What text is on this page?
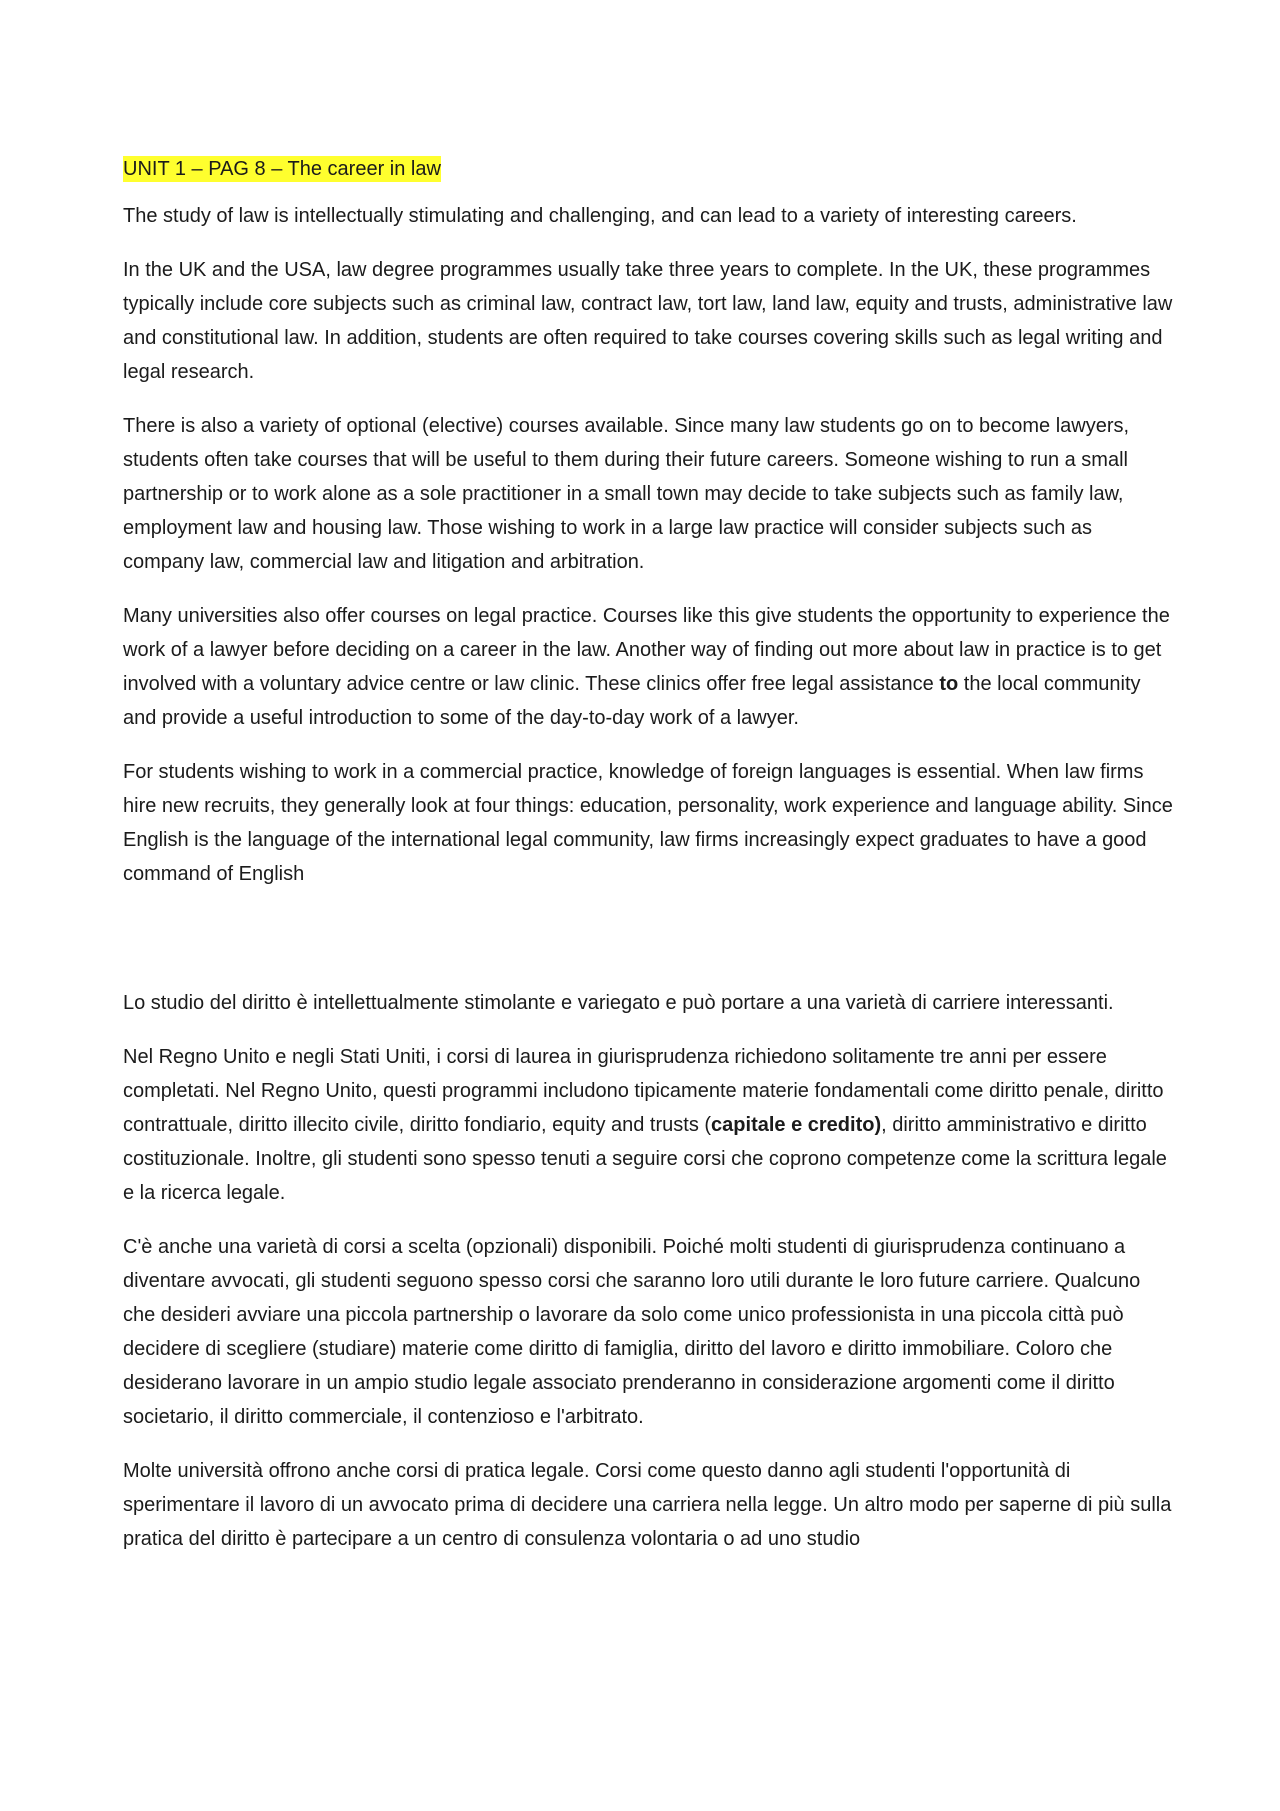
UNIT 1 – PAG 8 – The career in law

The study of law is intellectually stimulating and challenging, and can lead to a variety of interesting careers.

In the UK and the USA, law degree programmes usually take three years to complete. In the UK, these programmes typically include core subjects such as criminal law, contract law, tort law, land law, equity and trusts, administrative law and constitutional law. In addition, students are often required to take courses covering skills such as legal writing and legal research.

There is also a variety of optional (elective) courses available. Since many law students go on to become lawyers, students often take courses that will be useful to them during their future careers. Someone wishing to run a small partnership or to work alone as a sole practitioner in a small town may decide to take subjects such as family law, employment law and housing law. Those wishing to work in a large law practice will consider subjects such as company law, commercial law and litigation and arbitration.

Many universities also offer courses on legal practice. Courses like this give students the opportunity to experience the work of a lawyer before deciding on a career in the law. Another way of finding out more about law in practice is to get involved with a voluntary advice centre or law clinic. These clinics offer free legal assistance to the local community and provide a useful introduction to some of the day-to-day work of a lawyer.

For students wishing to work in a commercial practice, knowledge of foreign languages is essential. When law firms hire new recruits, they generally look at four things: education, personality, work experience and language ability. Since English is the language of the international legal community, law firms increasingly expect graduates to have a good command of English

Lo studio del diritto è intellettualmente stimolante e variegato e può portare a una varietà di carriere interessanti.

Nel Regno Unito e negli Stati Uniti, i corsi di laurea in giurisprudenza richiedono solitamente tre anni per essere completati. Nel Regno Unito, questi programmi includono tipicamente materie fondamentali come diritto penale, diritto contrattuale, diritto illecito civile, diritto fondiario, equity and trusts (capitale e credito), diritto amministrativo e diritto costituzionale. Inoltre, gli studenti sono spesso tenuti a seguire corsi che coprono competenze come la scrittura legale e la ricerca legale.

C'è anche una varietà di corsi a scelta (opzionali) disponibili. Poiché molti studenti di giurisprudenza continuano a diventare avvocati, gli studenti seguono spesso corsi che saranno loro utili durante le loro future carriere. Qualcuno che desideri avviare una piccola partnership o lavorare da solo come unico professionista in una piccola città può decidere di scegliere (studiare) materie come diritto di famiglia, diritto del lavoro e diritto immobiliare. Coloro che desiderano lavorare in un ampio studio legale associato prenderanno in considerazione argomenti come il diritto societario, il diritto commerciale, il contenzioso e l'arbitrato.

Molte università offrono anche corsi di pratica legale. Corsi come questo danno agli studenti l'opportunità di sperimentare il lavoro di un avvocato prima di decidere una carriera nella legge. Un altro modo per saperne di più sulla pratica del diritto è partecipare a un centro di consulenza volontaria o ad uno studio
